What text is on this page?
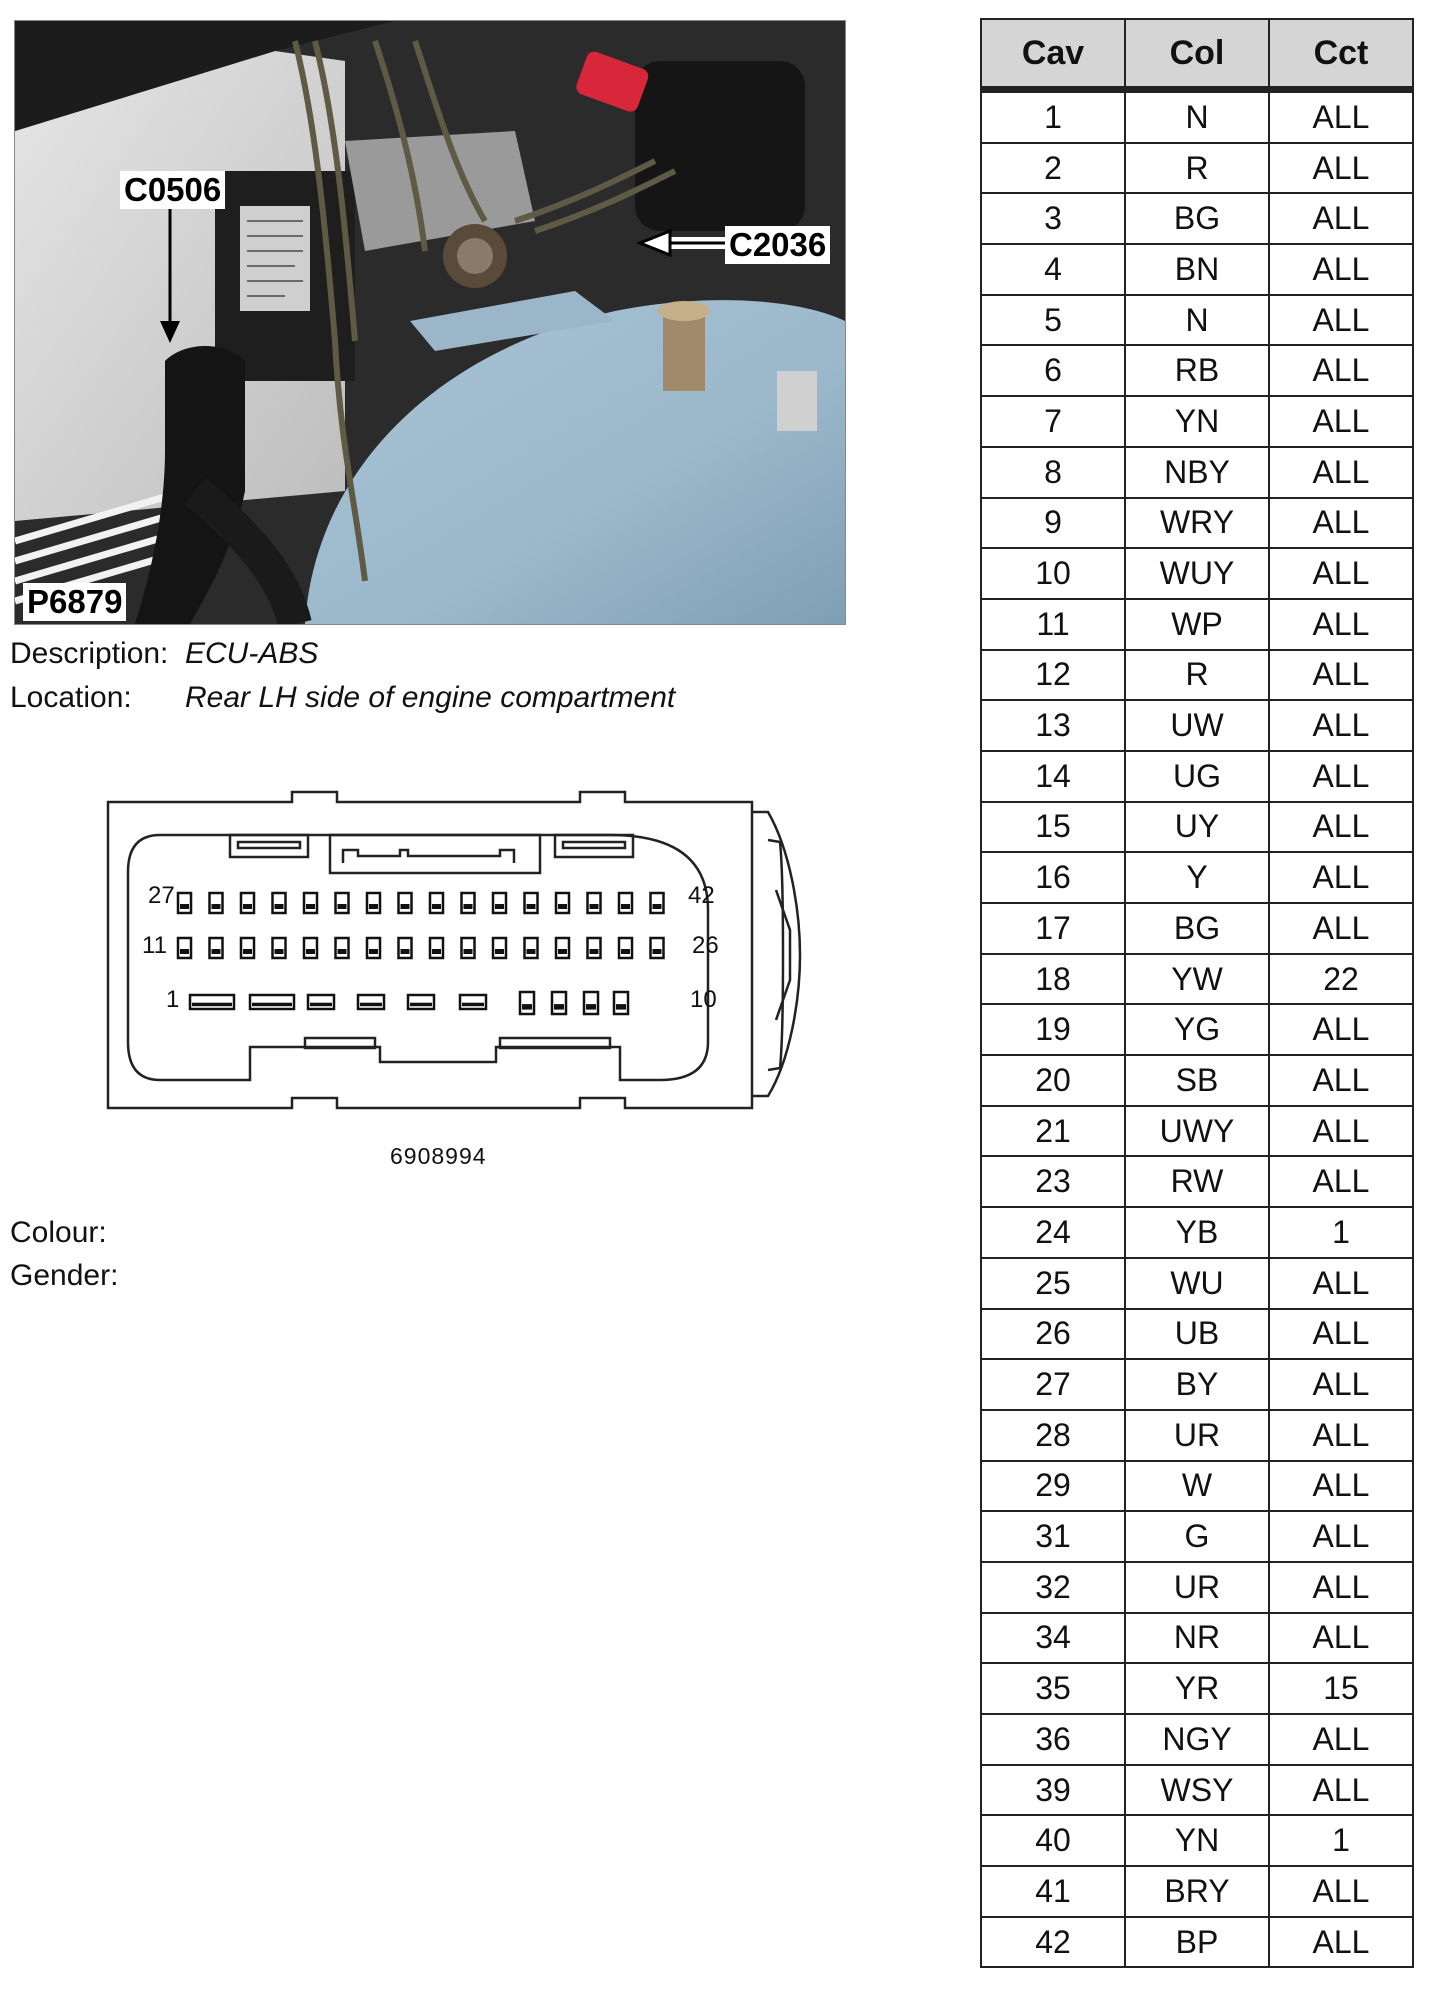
C0506
C2036
P6879
Description: ECU-ABS
Location: Rear LH side of engine compartment
27	42
11	26
1	10
6908994
Colour:
Gender:
Cav	Col	Cct
1	N	ALL
2	R	ALL
3	BG	ALL
4	BN	ALL
5	N	ALL
6	RB	ALL
7	YN	ALL
8	NBY	ALL
9	WRY	ALL
10	WUY	ALL
11	WP	ALL
12	R	ALL
13	UW	ALL
14	UG	ALL
15	UY	ALL
16	Y	ALL
17	BG	ALL
18	YW	22
19	YG	ALL
20	SB	ALL
21	UWY	ALL
23	RW	ALL
24	YB	1
25	WU	ALL
26	UB	ALL
27	BY	ALL
28	UR	ALL
29	W	ALL
31	G	ALL
32	UR	ALL
34	NR	ALL
35	YR	15
36	NGY	ALL
39	WSY	ALL
40	YN	1
41	BRY	ALL
42	BP	ALL
